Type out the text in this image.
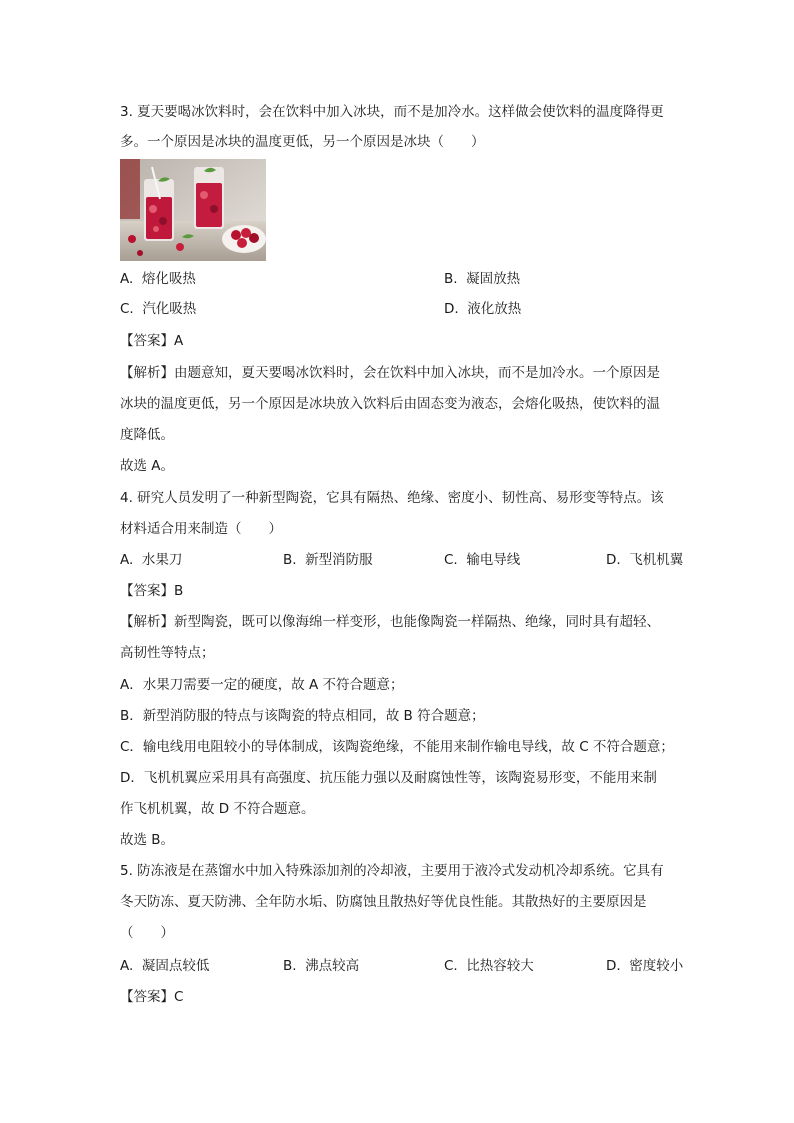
3. 夏天要喝冰饮料时，会在饮料中加入冰块，而不是加冷水。这样做会使饮料的温度降得更
多。一个原因是冰块的温度更低，另一个原因是冰块（　　）
A. 熔化吸热	B. 凝固放热
C. 汽化吸热	D. 液化放热
【答案】A
【解析】由题意知，夏天要喝冰饮料时，会在饮料中加入冰块，而不是加冷水。一个原因是
冰块的温度更低，另一个原因是冰块放入饮料后由固态变为液态，会熔化吸热，使饮料的温
度降低。
故选 A。
4. 研究人员发明了一种新型陶瓷，它具有隔热、绝缘、密度小、韧性高、易形变等特点。该
材料适合用来制造（　　）
A. 水果刀	B. 新型消防服	C. 输电导线	D. 飞机机翼
【答案】B
【解析】新型陶瓷，既可以像海绵一样变形，也能像陶瓷一样隔热、绝缘，同时具有超轻、
高韧性等特点；
A．水果刀需要一定的硬度，故 A 不符合题意；
B．新型消防服的特点与该陶瓷的特点相同，故 B 符合题意；
C．输电线用电阻较小的导体制成，该陶瓷绝缘，不能用来制作输电导线，故 C 不符合题意；
D．飞机机翼应采用具有高强度、抗压能力强以及耐腐蚀性等，该陶瓷易形变，不能用来制
作飞机机翼，故 D 不符合题意。
故选 B。
5. 防冻液是在蒸馏水中加入特殊添加剂的冷却液，主要用于液冷式发动机冷却系统。它具有
冬天防冻、夏天防沸、全年防水垢、防腐蚀且散热好等优良性能。其散热好的主要原因是
（　　）
A. 凝固点较低	B. 沸点较高	C. 比热容较大	D. 密度较小
【答案】C
